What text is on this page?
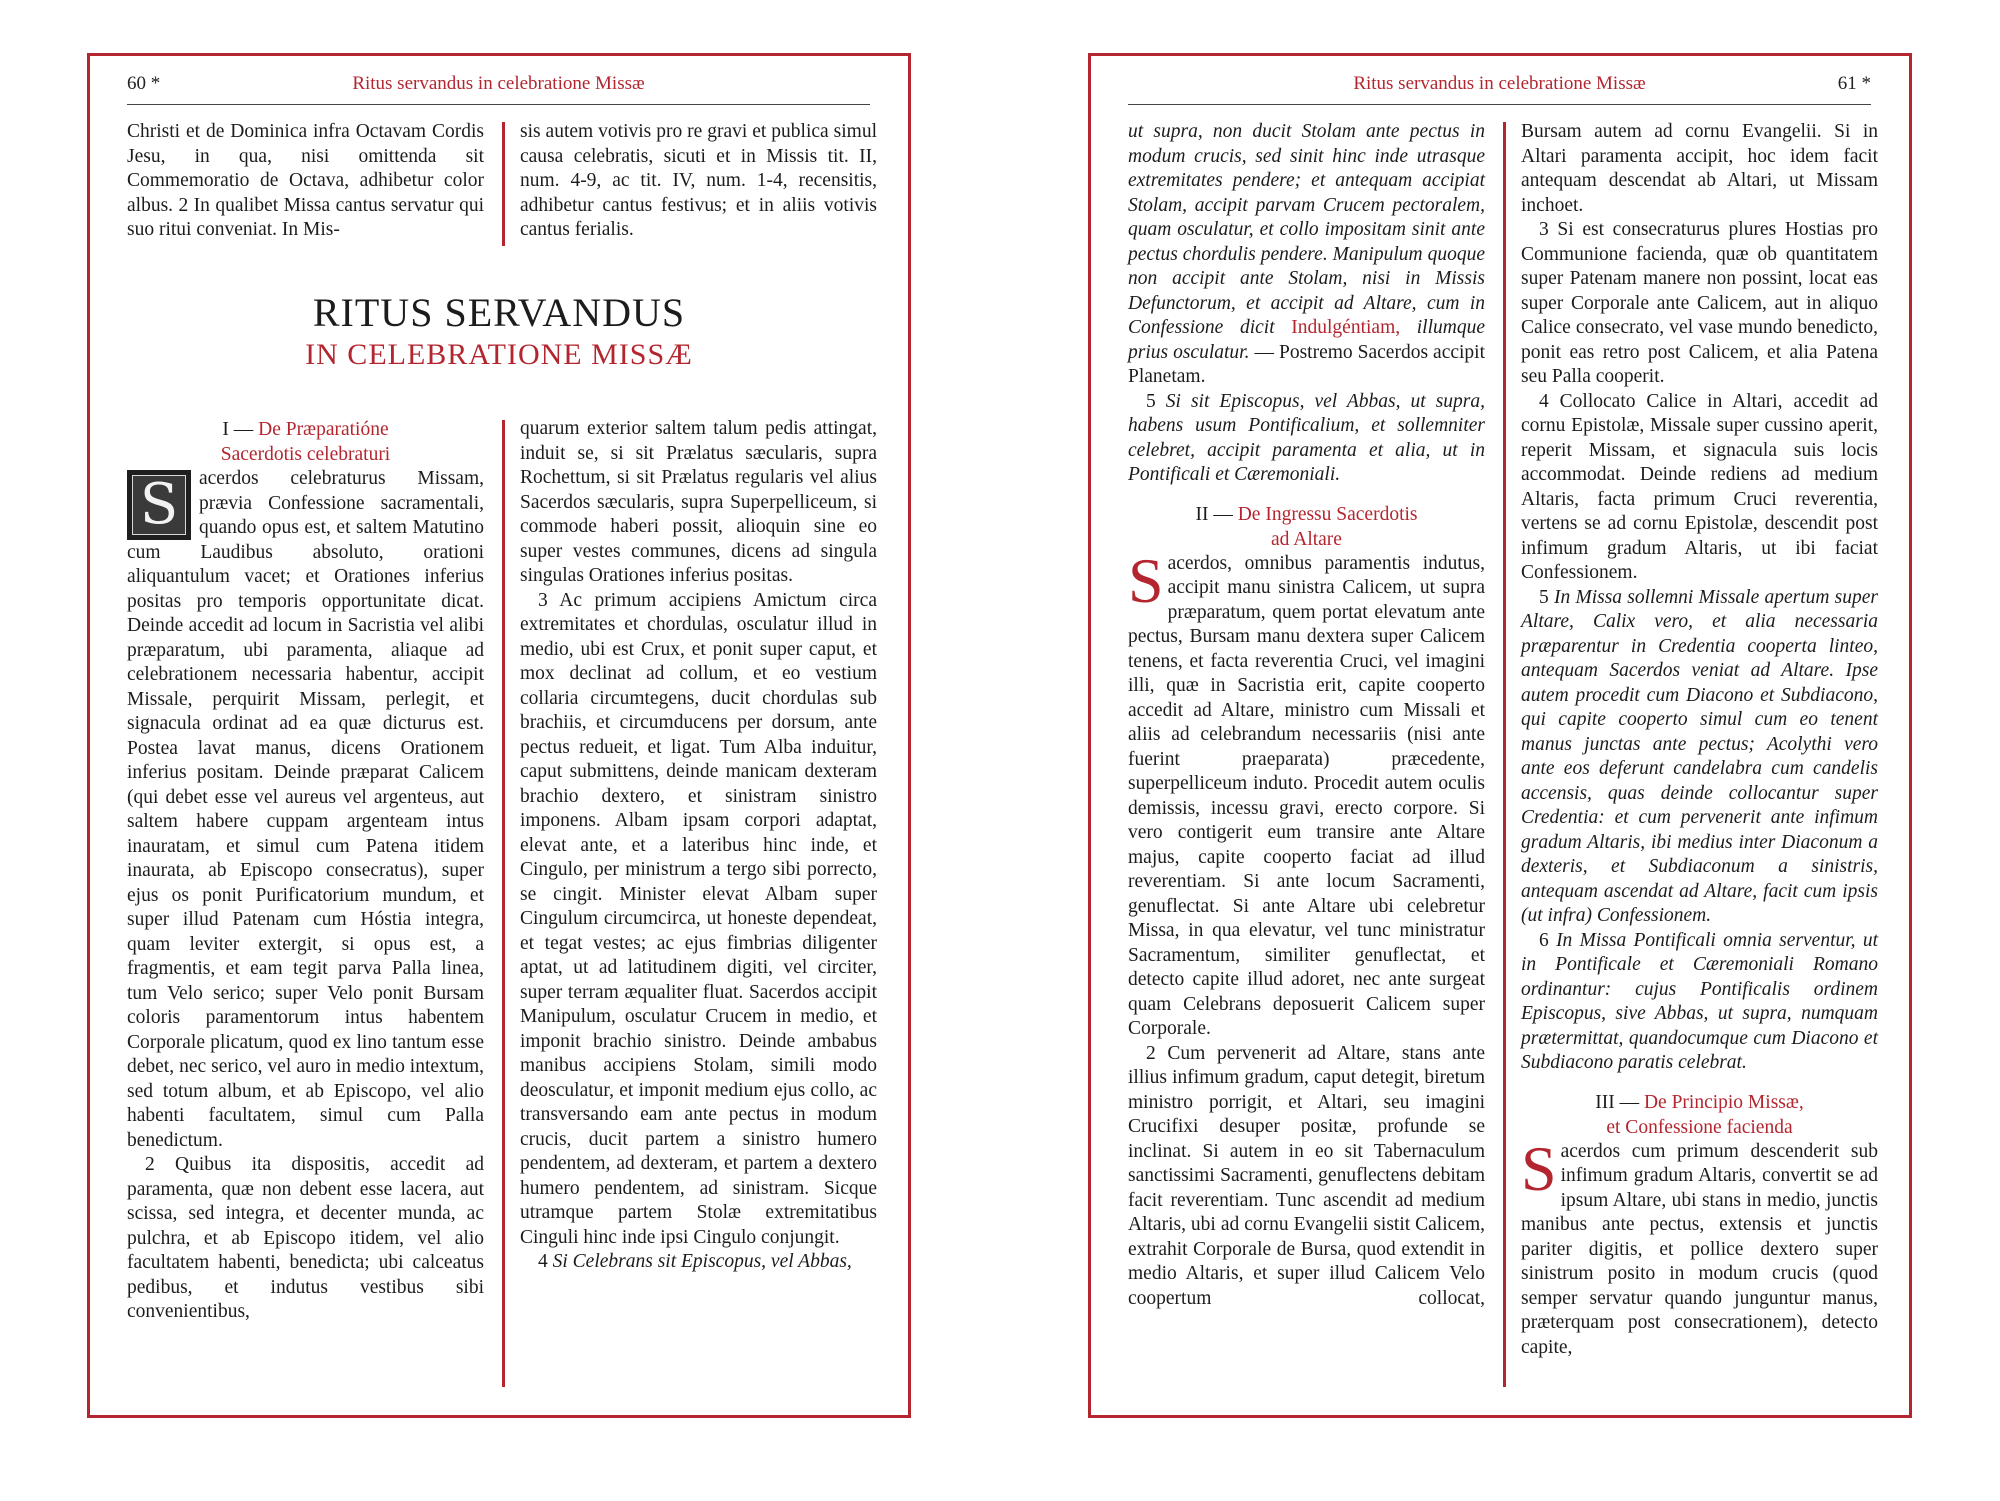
60 *	Ritus servandus in celebratione Missæ

Christi et de Dominica infra Octavam Cordis Jesu, in qua, nisi omittenda sit Commemoratio de Octava, adhibetur color albus. 2 In qualibet Missa cantus servatur qui suo ritui conveniat. In Mis-

sis autem votivis pro re gravi et publica simul causa celebratis, sicuti et in Missis tit. II, num. 4-9, ac tit. IV, num. 1-4, recensitis, adhibetur cantus festivus; et in aliis votivis cantus ferialis.

RITUS SERVANDUS
IN CELEBRATIONE MISSÆ
I — De Præparatióne
Sacerdotis celebraturi

S acerdos celebraturus Missam, prævia Confessione sacramentali, quando opus est, et saltem Matutino cum Laudibus absoluto, orationi aliquantulum vacet; et Orationes inferius positas pro temporis opportunitate dicat. Deinde accedit ad locum in Sacristia vel alibi præparatum, ubi paramenta, aliaque ad celebrationem necessaria habentur, accipit Missale, perquirit Missam, perlegit, et signacula ordinat ad ea quæ dicturus est. Postea lavat manus, dicens Orationem inferius positam. Deinde præparat Calicem (qui debet esse vel aureus vel argenteus, aut saltem habere cuppam argenteam intus inauratam, et simul cum Patena itidem inaurata, ab Episcopo consecratus), super ejus os ponit Purificatorium mundum, et super illud Patenam cum Hóstia integra, quam leviter extergit, si opus est, a fragmentis, et eam tegit parva Palla linea, tum Velo serico; super Velo ponit Bursam coloris paramentorum intus habentem Corporale plicatum, quod ex lino tantum esse debet, nec serico, vel auro in medio intextum, sed totum album, et ab Episcopo, vel alio habenti facultatem, simul cum Palla benedictum.

2 Quibus ita dispositis, accedit ad paramenta, quæ non debent esse lacera, aut scissa, sed integra, et decenter munda, ac pulchra, et ab Episcopo itidem, vel alio facultatem habenti, benedicta; ubi calceatus pedibus, et indutus vestibus sibi convenientibus,

quarum exterior saltem talum pedis attingat, induit se, si sit Prælatus sæcularis, supra Rochettum, si sit Prælatus regularis vel alius Sacerdos sæcularis, supra Superpelliceum, si commode haberi possit, alioquin sine eo super vestes communes, dicens ad singula singulas Orationes inferius positas.

3 Ac primum accipiens Amictum circa extremitates et chordulas, osculatur illud in medio, ubi est Crux, et ponit super caput, et mox declinat ad collum, et eo vestium collaria circumtegens, ducit chordulas sub brachiis, et circumducens per dorsum, ante pectus redueit, et ligat. Tum Alba induitur, caput submittens, deinde manicam dexteram brachio dextero, et sinistram sinistro imponens. Albam ipsam corpori adaptat, elevat ante, et a lateribus hinc inde, et Cingulo, per ministrum a tergo sibi porrecto, se cingit. Minister elevat Albam super Cingulum circumcirca, ut honeste dependeat, et tegat vestes; ac ejus fimbrias diligenter aptat, ut ad latitudinem digiti, vel circiter, super terram æqualiter fluat. Sacerdos accipit Manipulum, osculatur Crucem in medio, et imponit brachio sinistro. Deinde ambabus manibus accipiens Stolam, simili modo deosculatur, et imponit medium ejus collo, ac transversando eam ante pectus in modum crucis, ducit partem a sinistro humero pendentem, ad dexteram, et partem a dextero humero pendentem, ad sinistram. Sicque utramque partem Stolæ extremitatibus Cinguli hinc inde ipsi Cingulo conjungit.

4 Si Celebrans sit Episcopus, vel Abbas,

Ritus servandus in celebratione Missæ	61 *

ut supra, non ducit Stolam ante pectus in modum crucis, sed sinit hinc inde utrasque extremitates pendere; et antequam accipiat Stolam, accipit parvam Crucem pectoralem, quam osculatur, et collo impositam sinit ante pectus chordulis pendere. Manipulum quoque non accipit ante Stolam, nisi in Missis Defunctorum, et accipit ad Altare, cum in Confessione dicit Indulgéntiam, illumque prius osculatur. — Postremo Sacerdos accipit Planetam.

5 Si sit Episcopus, vel Abbas, ut supra, habens usum Pontificalium, et sollemniter celebret, accipit paramenta et alia, ut in Pontificali et Cæremoniali.

II — De Ingressu Sacerdotis
ad Altare

Sacerdos, omnibus paramentis indutus, accipit manu sinistra Calicem, ut supra præparatum, quem portat elevatum ante pectus, Bursam manu dextera super Calicem tenens, et facta reverentia Cruci, vel imagini illi, quæ in Sacristia erit, capite cooperto accedit ad Altare, ministro cum Missali et aliis ad celebrandum necessariis (nisi ante fuerint praeparata) præcedente, superpelliceum induto. Procedit autem oculis demissis, incessu gravi, erecto corpore. Si vero contigerit eum transire ante Altare majus, capite cooperto faciat ad illud reverentiam. Si ante locum Sacramenti, genuflectat. Si ante Altare ubi celebretur Missa, in qua elevatur, vel tunc ministratur Sacramentum, similiter genuflectat, et detecto capite illud adoret, nec ante surgeat quam Celebrans deposuerit Calicem super Corporale.

2 Cum pervenerit ad Altare, stans ante illius infimum gradum, caput detegit, biretum ministro porrigit, et Altari, seu imagini Crucifixi desuper positæ, profunde se inclinat. Si autem in eo sit Tabernaculum sanctissimi Sacramenti, genuflectens debitam facit reverentiam. Tunc ascendit ad medium Altaris, ubi ad cornu Evangelii sistit Calicem, extrahit Corporale de Bursa, quod extendit in medio Altaris, et super illud Calicem Velo coopertum collocat,

Bursam autem ad cornu Evangelii. Si in Altari paramenta accipit, hoc idem facit antequam descendat ab Altari, ut Missam inchoet.

3 Si est consecraturus plures Hostias pro Communione facienda, quæ ob quantitatem super Patenam manere non possint, locat eas super Corporale ante Calicem, aut in aliquo Calice consecrato, vel vase mundo benedicto, ponit eas retro post Calicem, et alia Patena seu Palla cooperit.

4 Collocato Calice in Altari, accedit ad cornu Epistolæ, Missale super cussino aperit, reperit Missam, et signacula suis locis accommodat. Deinde rediens ad medium Altaris, facta primum Cruci reverentia, vertens se ad cornu Epistolæ, descendit post infimum gradum Altaris, ut ibi faciat Confessionem.

5 In Missa sollemni Missale apertum super Altare, Calix vero, et alia necessaria præparentur in Credentia cooperta linteo, antequam Sacerdos veniat ad Altare. Ipse autem procedit cum Diacono et Subdiacono, qui capite cooperto simul cum eo tenent manus junctas ante pectus; Acolythi vero ante eos deferunt candelabra cum candelis accensis, quas deinde collocantur super Credentia: et cum pervenerit ante infimum gradum Altaris, ibi medius inter Diaconum a dexteris, et Subdiaconum a sinistris, antequam ascendat ad Altare, facit cum ipsis (ut infra) Confessionem.

6 In Missa Pontificali omnia serventur, ut in Pontificale et Cæremoniali Romano ordinantur: cujus Pontificalis ordinem Episcopus, sive Abbas, ut supra, numquam prætermittat, quandocumque cum Diacono et Subdiacono paratis celebrat.

III — De Principio Missæ,
et Confessione facienda

Sacerdos cum primum descenderit sub infimum gradum Altaris, convertit se ad ipsum Altare, ubi stans in medio, junctis manibus ante pectus, extensis et junctis pariter digitis, et pollice dextero super sinistrum posito in modum crucis (quod semper servatur quando junguntur manus, præterquam post consecrationem), detecto capite,
